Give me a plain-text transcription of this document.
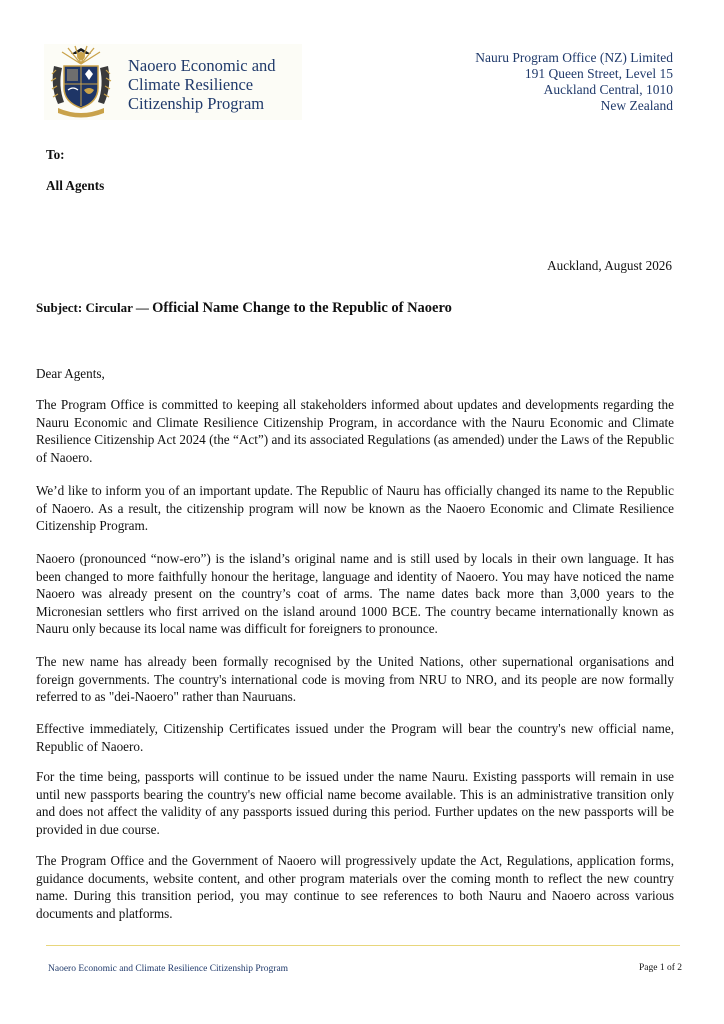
Naoero Economic and
Climate Resilience
Citizenship Program
Nauru Program Office (NZ) Limited
191 Queen Street, Level 15
Auckland Central, 1010
New Zealand
To:
All Agents
Auckland, August 2026
Subject: Circular — Official Name Change to the Republic of Naoero
Dear Agents,
The Program Office is committed to keeping all stakeholders informed about updates and developments regarding the Nauru Economic and Climate Resilience Citizenship Program, in accordance with the Nauru Economic and Climate Resilience Citizenship Act 2024 (the “Act”) and its associated Regulations (as amended) under the Laws of the Republic of Naoero.
We’d like to inform you of an important update. The Republic of Nauru has officially changed its name to the Republic of Naoero. As a result, the citizenship program will now be known as the Naoero Economic and Climate Resilience Citizenship Program.
Naoero (pronounced “now-ero”) is the island’s original name and is still used by locals in their own language. It has been changed to more faithfully honour the heritage, language and identity of Naoero. You may have noticed the name Naoero was already present on the country’s coat of arms. The name dates back more than 3,000 years to the Micronesian settlers who first arrived on the island around 1000 BCE. The country became internationally known as Nauru only because its local name was difficult for foreigners to pronounce.
The new name has already been formally recognised by the United Nations, other supernational organisations and foreign governments. The country's international code is moving from NRU to NRO, and its people are now formally referred to as "dei-Naoero" rather than Nauruans.
Effective immediately, Citizenship Certificates issued under the Program will bear the country's new official name, Republic of Naoero.
For the time being, passports will continue to be issued under the name Nauru. Existing passports will remain in use until new passports bearing the country's new official name become available. This is an administrative transition only and does not affect the validity of any passports issued during this period. Further updates on the new passports will be provided in due course.
The Program Office and the Government of Naoero will progressively update the Act, Regulations, application forms, guidance documents, website content, and other program materials over the coming month to reflect the new country name. During this transition period, you may continue to see references to both Nauru and Naoero across various documents and platforms.
Naoero Economic and Climate Resilience Citizenship Program	Page 1 of 2
